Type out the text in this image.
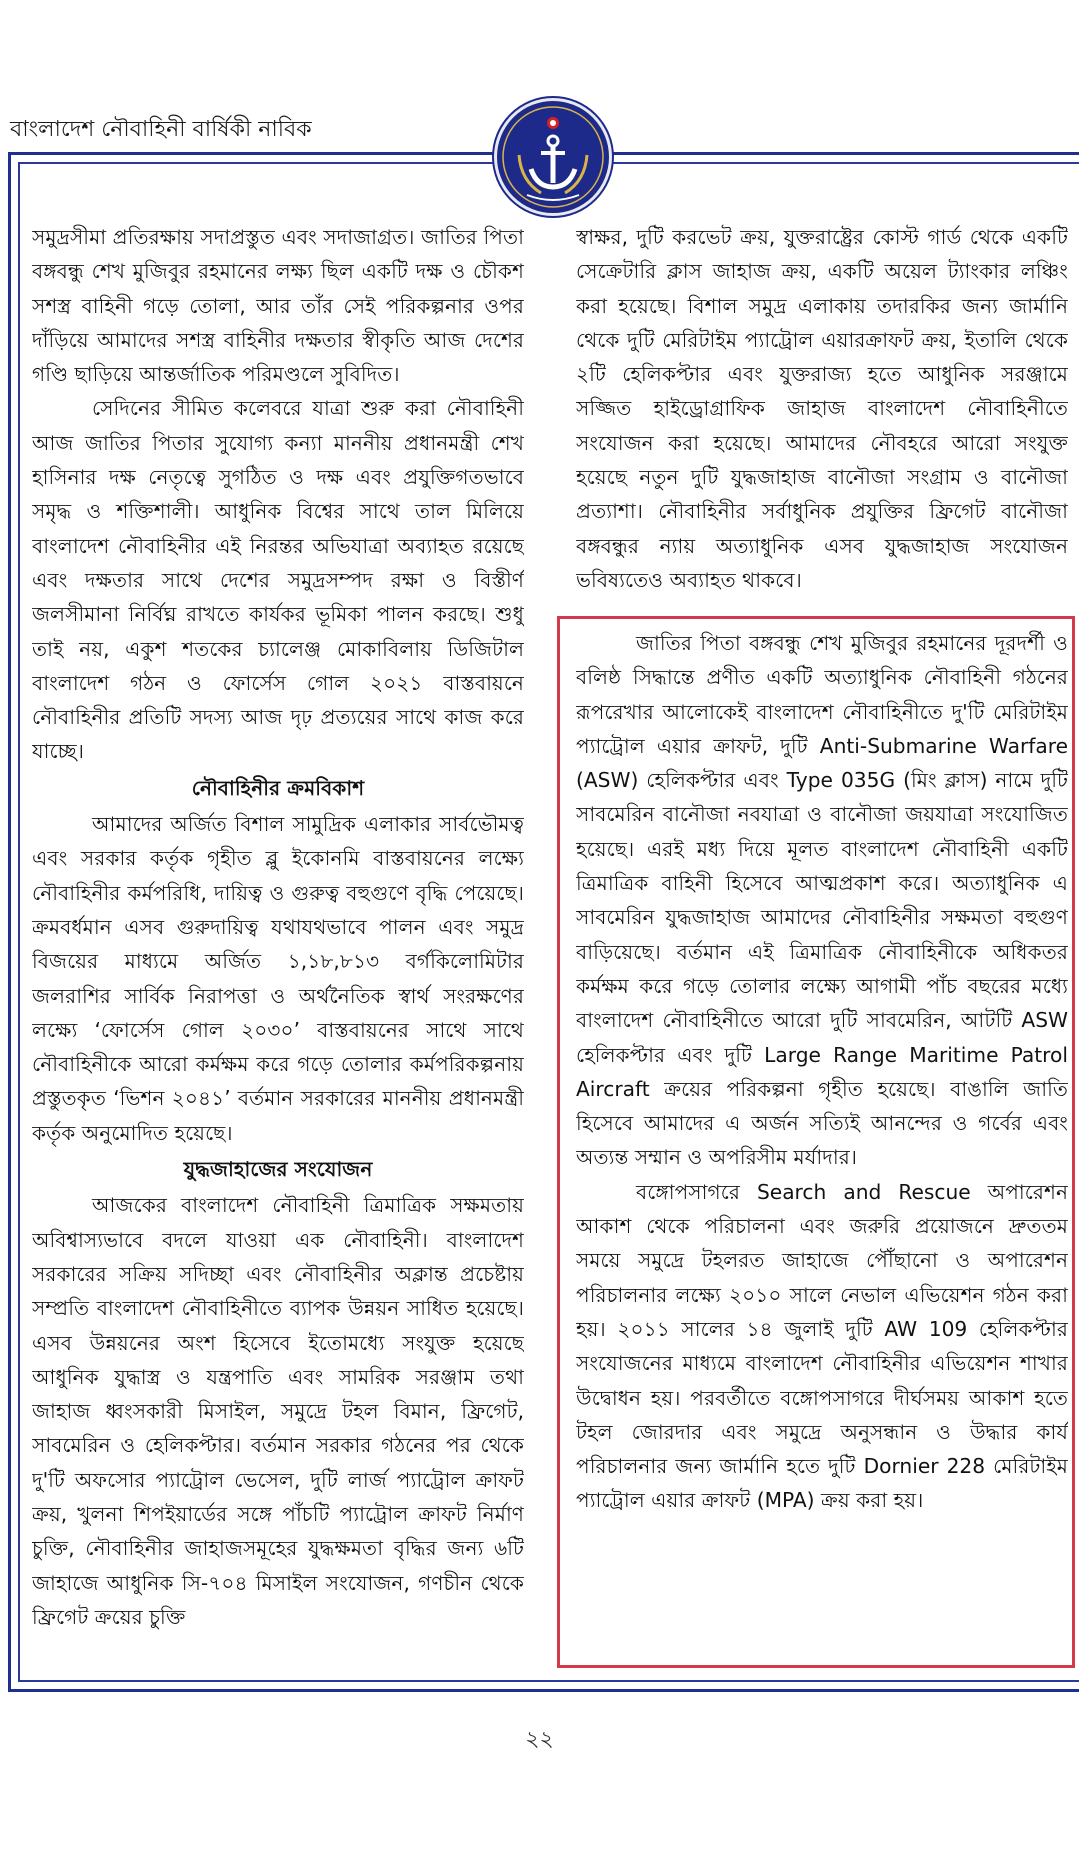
বাংলাদেশ নৌবাহিনী বার্ষিকী নাবিক

সমুদ্রসীমা প্রতিরক্ষায় সদাপ্রস্তুত এবং সদাজাগ্রত। জাতির পিতা বঙ্গবন্ধু শেখ মুজিবুর রহমানের লক্ষ্য ছিল একটি দক্ষ ও চৌকশ সশস্ত্র বাহিনী গড়ে তোলা, আর তাঁর সেই পরিকল্পনার ওপর দাঁড়িয়ে আমাদের সশস্ত্র বাহিনীর দক্ষতার স্বীকৃতি আজ দেশের গণ্ডি ছাড়িয়ে আন্তর্জাতিক পরিমণ্ডলে সুবিদিত।

সেদিনের সীমিত কলেবরে যাত্রা শুরু করা নৌবাহিনী আজ জাতির পিতার সুযোগ্য কন্যা মাননীয় প্রধানমন্ত্রী শেখ হাসিনার দক্ষ নেতৃত্বে সুগঠিত ও দক্ষ এবং প্রযুক্তিগতভাবে সমৃদ্ধ ও শক্তিশালী। আধুনিক বিশ্বের সাথে তাল মিলিয়ে বাংলাদেশ নৌবাহিনীর এই নিরন্তর অভিযাত্রা অব্যাহত রয়েছে এবং দক্ষতার সাথে দেশের সমুদ্রসম্পদ রক্ষা ও বিস্তীর্ণ জলসীমানা নির্বিঘ্ন রাখতে কার্যকর ভূমিকা পালন করছে। শুধু তাই নয়, একুশ শতকের চ্যালেঞ্জ মোকাবিলায় ডিজিটাল বাংলাদেশ গঠন ও ফোর্সেস গোল ২০২১ বাস্তবায়নে নৌবাহিনীর প্রতিটি সদস্য আজ দৃঢ় প্রত্যয়ের সাথে কাজ করে যাচ্ছে।

নৌবাহিনীর ক্রমবিকাশ

আমাদের অর্জিত বিশাল সামুদ্রিক এলাকার সার্বভৌমত্ব এবং সরকার কর্তৃক গৃহীত ব্লু ইকোনমি বাস্তবায়নের লক্ষ্যে নৌবাহিনীর কর্মপরিধি, দায়িত্ব ও গুরুত্ব বহুগুণে বৃদ্ধি পেয়েছে। ক্রমবর্ধমান এসব গুরুদায়িত্ব যথাযথভাবে পালন এবং সমুদ্র বিজয়ের মাধ্যমে অর্জিত ১,১৮,৮১৩ বর্গকিলোমিটার জলরাশির সার্বিক নিরাপত্তা ও অর্থনৈতিক স্বার্থ সংরক্ষণের লক্ষ্যে ‘ফোর্সেস গোল ২০৩০’ বাস্তবায়নের সাথে সাথে নৌবাহিনীকে আরো কর্মক্ষম করে গড়ে তোলার কর্মপরিকল্পনায় প্রস্তুতকৃত ‘ভিশন ২০৪১’ বর্তমান সরকারের মাননীয় প্রধানমন্ত্রী কর্তৃক অনুমোদিত হয়েছে।

যুদ্ধজাহাজের সংযোজন

আজকের বাংলাদেশ নৌবাহিনী ত্রিমাত্রিক সক্ষমতায় অবিশ্বাস্যভাবে বদলে যাওয়া এক নৌবাহিনী। বাংলাদেশ সরকারের সক্রিয় সদিচ্ছা এবং নৌবাহিনীর অক্লান্ত প্রচেষ্টায় সম্প্রতি বাংলাদেশ নৌবাহিনীতে ব্যাপক উন্নয়ন সাধিত হয়েছে। এসব উন্নয়নের অংশ হিসেবে ইতোমধ্যে সংযুক্ত হয়েছে আধুনিক যুদ্ধাস্ত্র ও যন্ত্রপাতি এবং সামরিক সরঞ্জাম তথা জাহাজ ধ্বংসকারী মিসাইল, সমুদ্রে টহল বিমান, ফ্রিগেট, সাবমেরিন ও হেলিকপ্টার। বর্তমান সরকার গঠনের পর থেকে দু'টি অফসোর প্যাট্রোল ভেসেল, দুটি লার্জ প্যাট্রোল ক্রাফট ক্রয়, খুলনা শিপইয়ার্ডের সঙ্গে পাঁচটি প্যাট্রোল ক্রাফট নির্মাণ চুক্তি, নৌবাহিনীর জাহাজসমূহের যুদ্ধক্ষমতা বৃদ্ধির জন্য ৬টি জাহাজে আধুনিক সি-৭০৪ মিসাইল সংযোজন, গণচীন থেকে ফ্রিগেট ক্রয়ের চুক্তি

স্বাক্ষর, দুটি করভেট ক্রয়, যুক্তরাষ্ট্রের কোস্ট গার্ড থেকে একটি সেক্রেটারি ক্লাস জাহাজ ক্রয়, একটি অয়েল ট্যাংকার লঞ্চিং করা হয়েছে। বিশাল সমুদ্র এলাকায় তদারকির জন্য জার্মানি থেকে দুটি মেরিটাইম প্যাট্রোল এয়ারক্রাফট ক্রয়, ইতালি থেকে ২টি হেলিকপ্টার এবং যুক্তরাজ্য হতে আধুনিক সরঞ্জামে সজ্জিত হাইড্রোগ্রাফিক জাহাজ বাংলাদেশ নৌবাহিনীতে সংযোজন করা হয়েছে। আমাদের নৌবহরে আরো সংযুক্ত হয়েছে নতুন দুটি যুদ্ধজাহাজ বানৌজা সংগ্রাম ও বানৌজা প্রত্যাশা। নৌবাহিনীর সর্বাধুনিক প্রযুক্তির ফ্রিগেট বানৌজা বঙ্গবন্ধুর ন্যায় অত্যাধুনিক এসব যুদ্ধজাহাজ সংযোজন ভবিষ্যতেও অব্যাহত থাকবে।

জাতির পিতা বঙ্গবন্ধু শেখ মুজিবুর রহমানের দূরদর্শী ও বলিষ্ঠ সিদ্ধান্তে প্রণীত একটি অত্যাধুনিক নৌবাহিনী গঠনের রূপরেখার আলোকেই বাংলাদেশ নৌবাহিনীতে দু'টি মেরিটাইম প্যাট্রোল এয়ার ক্রাফট, দুটি Anti-Submarine Warfare (ASW) হেলিকপ্টার এবং Type 035G (মিং ক্লাস) নামে দুটি সাবমেরিন বানৌজা নবযাত্রা ও বানৌজা জয়যাত্রা সংযোজিত হয়েছে। এরই মধ্য দিয়ে মূলত বাংলাদেশ নৌবাহিনী একটি ত্রিমাত্রিক বাহিনী হিসেবে আত্মপ্রকাশ করে। অত্যাধুনিক এ সাবমেরিন যুদ্ধজাহাজ আমাদের নৌবাহিনীর সক্ষমতা বহুগুণ বাড়িয়েছে। বর্তমান এই ত্রিমাত্রিক নৌবাহিনীকে অধিকতর কর্মক্ষম করে গড়ে তোলার লক্ষ্যে আগামী পাঁচ বছরের মধ্যে বাংলাদেশ নৌবাহিনীতে আরো দুটি সাবমেরিন, আটটি ASW হেলিকপ্টার এবং দুটি Large Range Maritime Patrol Aircraft ক্রয়ের পরিকল্পনা গৃহীত হয়েছে। বাঙালি জাতি হিসেবে আমাদের এ অর্জন সত্যিই আনন্দের ও গর্বের এবং অত্যন্ত সম্মান ও অপরিসীম মর্যাদার।

বঙ্গোপসাগরে Search and Rescue অপারেশন আকাশ থেকে পরিচালনা এবং জরুরি প্রয়োজনে দ্রুততম সময়ে সমুদ্রে টহলরত জাহাজে পৌঁছানো ও অপারেশন পরিচালনার লক্ষ্যে ২০১০ সালে নেভাল এভিয়েশন গঠন করা হয়। ২০১১ সালের ১৪ জুলাই দুটি AW 109 হেলিকপ্টার সংযোজনের মাধ্যমে বাংলাদেশ নৌবাহিনীর এভিয়েশন শাখার উদ্বোধন হয়। পরবর্তীতে বঙ্গোপসাগরে দীর্ঘসময় আকাশ হতে টহল জোরদার এবং সমুদ্রে অনুসন্ধান ও উদ্ধার কার্য পরিচালনার জন্য জার্মানি হতে দুটি Dornier 228 মেরিটাইম প্যাট্রোল এয়ার ক্রাফট (MPA) ক্রয় করা হয়।

২২
